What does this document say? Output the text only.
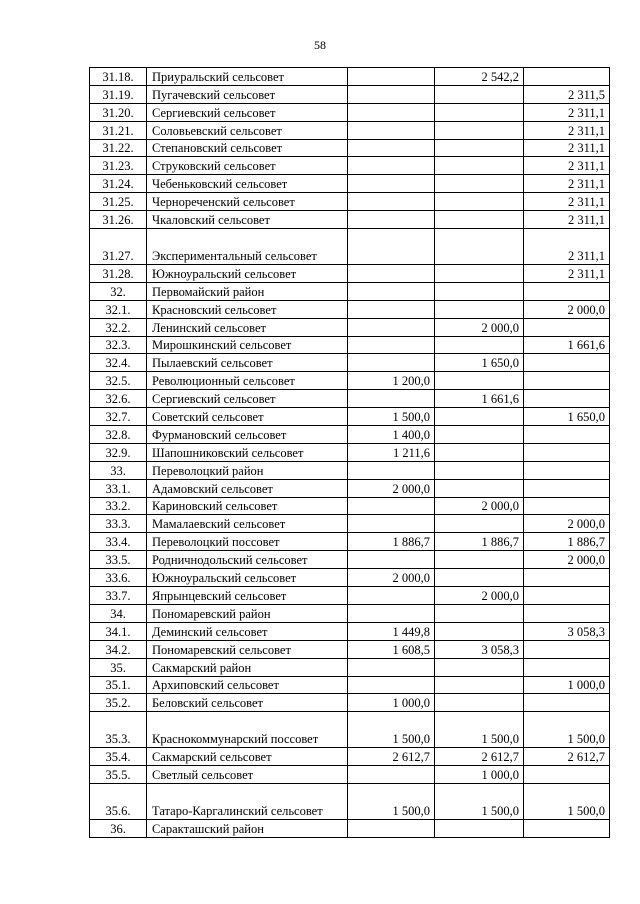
58
31.18.	Приуральский сельсовет		2 542,2	
31.19.	Пугачевский сельсовет			2 311,5
31.20.	Сергиевский сельсовет			2 311,1
31.21.	Соловьевский сельсовет			2 311,1
31.22.	Степановский сельсовет			2 311,1
31.23.	Струковский сельсовет			2 311,1
31.24.	Чебеньковский сельсовет			2 311,1
31.25.	Чернореченский сельсовет			2 311,1
31.26.	Чкаловский сельсовет			2 311,1
31.27.	Экспериментальный сельсовет			2 311,1
31.28.	Южноуральский сельсовет			2 311,1
32.	Первомайский район			
32.1.	Красновский сельсовет			2 000,0
32.2.	Ленинский сельсовет		2 000,0	
32.3.	Мирошкинский сельсовет			1 661,6
32.4.	Пылаевский сельсовет		1 650,0	
32.5.	Революционный сельсовет	1 200,0		
32.6.	Сергиевский сельсовет		1 661,6	
32.7.	Советский сельсовет	1 500,0		1 650,0
32.8.	Фурмановский сельсовет	1 400,0		
32.9.	Шапошниковский сельсовет	1 211,6		
33.	Переволоцкий район			
33.1.	Адамовский сельсовет	2 000,0		
33.2.	Кариновский сельсовет		2 000,0	
33.3.	Мамалаевский сельсовет			2 000,0
33.4.	Переволоцкий поссовет	1 886,7	1 886,7	1 886,7
33.5.	Родничнодольский сельсовет			2 000,0
33.6.	Южноуральский сельсовет	2 000,0		
33.7.	Япрынцевский сельсовет		2 000,0	
34.	Пономаревский район			
34.1.	Деминский сельсовет	1 449,8		3 058,3
34.2.	Пономаревский сельсовет	1 608,5	3 058,3	
35.	Сакмарский район			
35.1.	Архиповский сельсовет			1 000,0
35.2.	Беловский сельсовет	1 000,0		
35.3.	Краснокоммунарский поссовет	1 500,0	1 500,0	1 500,0
35.4.	Сакмарский сельсовет	2 612,7	2 612,7	2 612,7
35.5.	Светлый сельсовет		1 000,0	
35.6.	Татаро-Каргалинский сельсовет	1 500,0	1 500,0	1 500,0
36.	Саракташский район			
